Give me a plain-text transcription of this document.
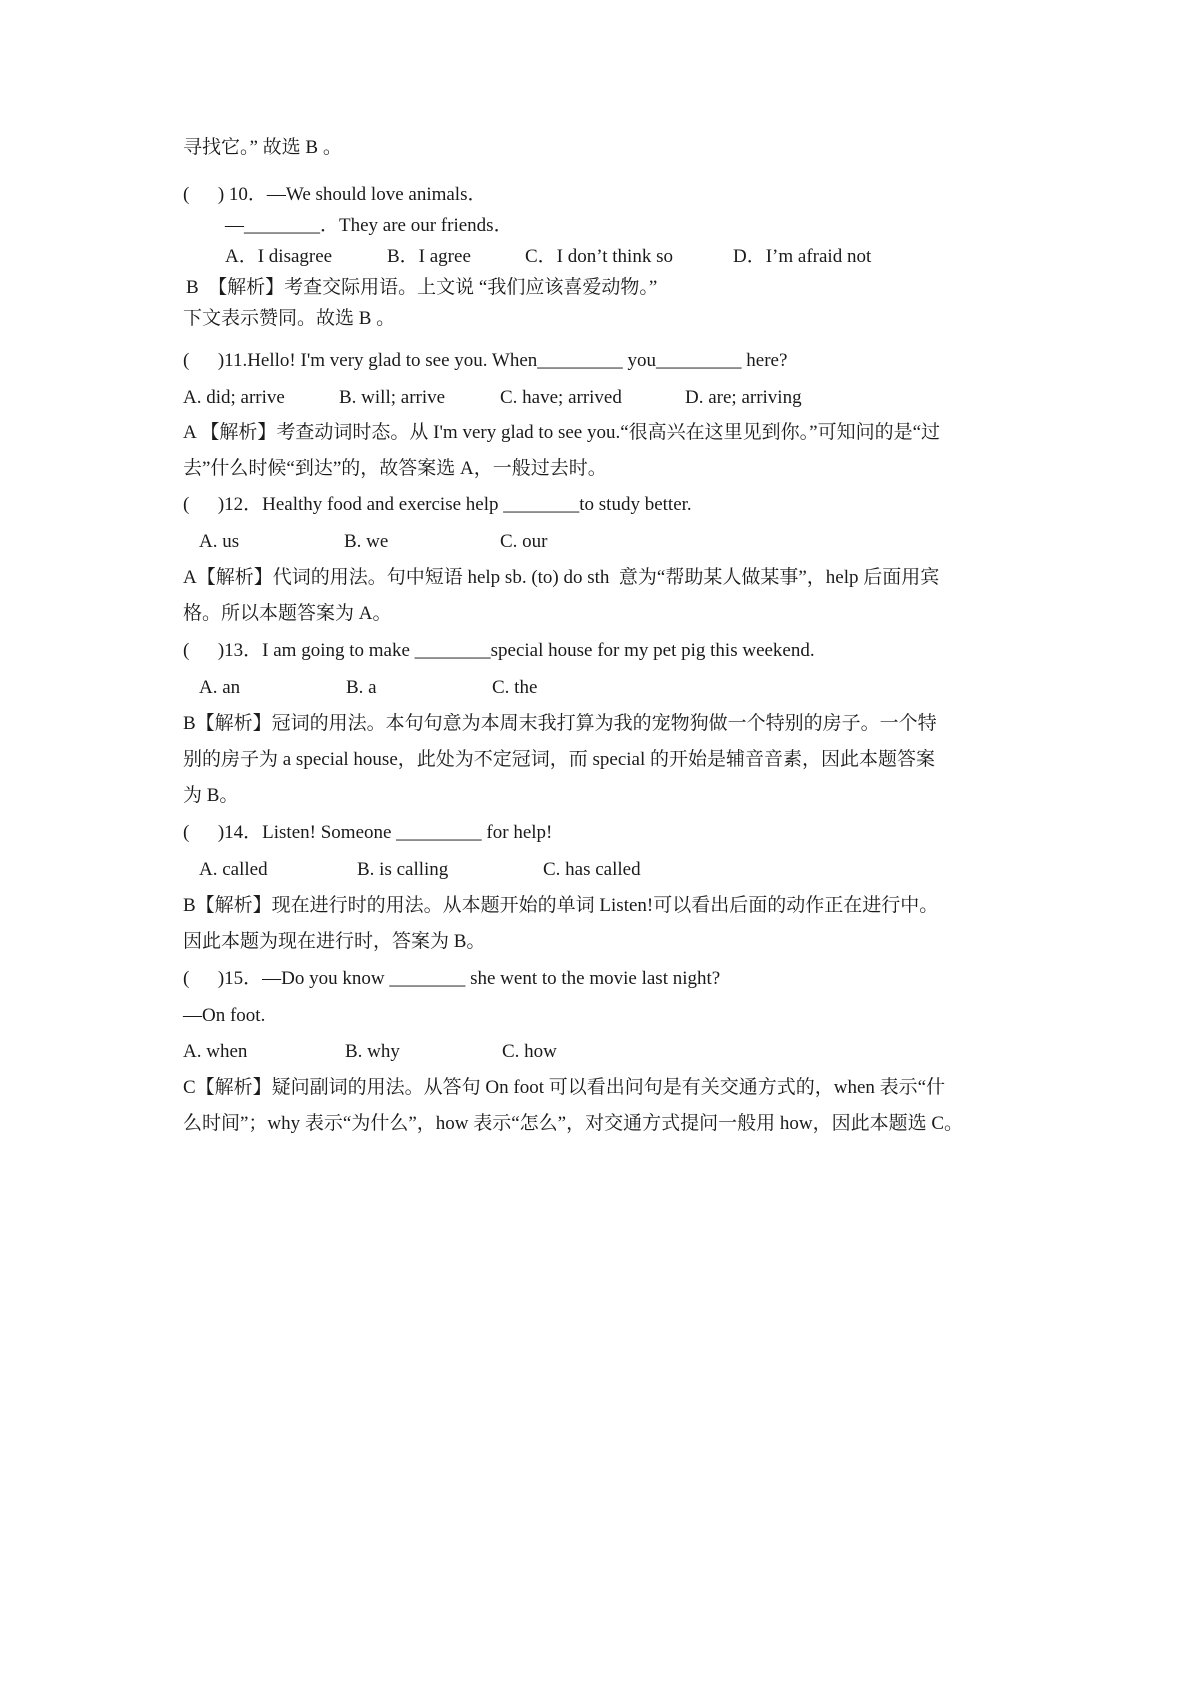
寻找它。” 故选 B 。
(      ) 10．—We should love animals．
—________．They are our friends．
A．I disagree	B．I agree	C．I don’t think so	D．I’m afraid not
B  【解析】考查交际用语。上文说 “我们应该喜爱动物。”
下文表示赞同。故选 B 。
(      )11.Hello! I'm very glad to see you. When_________ you_________ here?
A. did; arrive	B. will; arrive	C. have; arrived	D. are; arriving
A 【解析】考查动词时态。从 I'm very glad to see you.“很高兴在这里见到你。”可知问的是“过
去”什么时候“到达”的，故答案选 A，一般过去时。
(      )12．Healthy food and exercise help ________to study better.
A. us	B. we	C. our
A【解析】代词的用法。句中短语 help sb. (to) do sth  意为“帮助某人做某事”，help 后面用宾
格。所以本题答案为 A。
(      )13．I am going to make ________special house for my pet pig this weekend.
A. an	B. a	C. the
B【解析】冠词的用法。本句句意为本周末我打算为我的宠物狗做一个特别的房子。一个特
别的房子为 a special house，此处为不定冠词，而 special 的开始是辅音音素，因此本题答案
为 B。
(      )14．Listen! Someone _________ for help!
A. called	B. is calling	C. has called
B【解析】现在进行时的用法。从本题开始的单词 Listen!可以看出后面的动作正在进行中。
因此本题为现在进行时，答案为 B。
(      )15．—Do you know ________ she went to the movie last night?
—On foot.
A. when	B. why	C. how
C【解析】疑问副词的用法。从答句 On foot 可以看出问句是有关交通方式的，when 表示“什
么时间”；why 表示“为什么”，how 表示“怎么”，对交通方式提问一般用 how，因此本题选 C。
